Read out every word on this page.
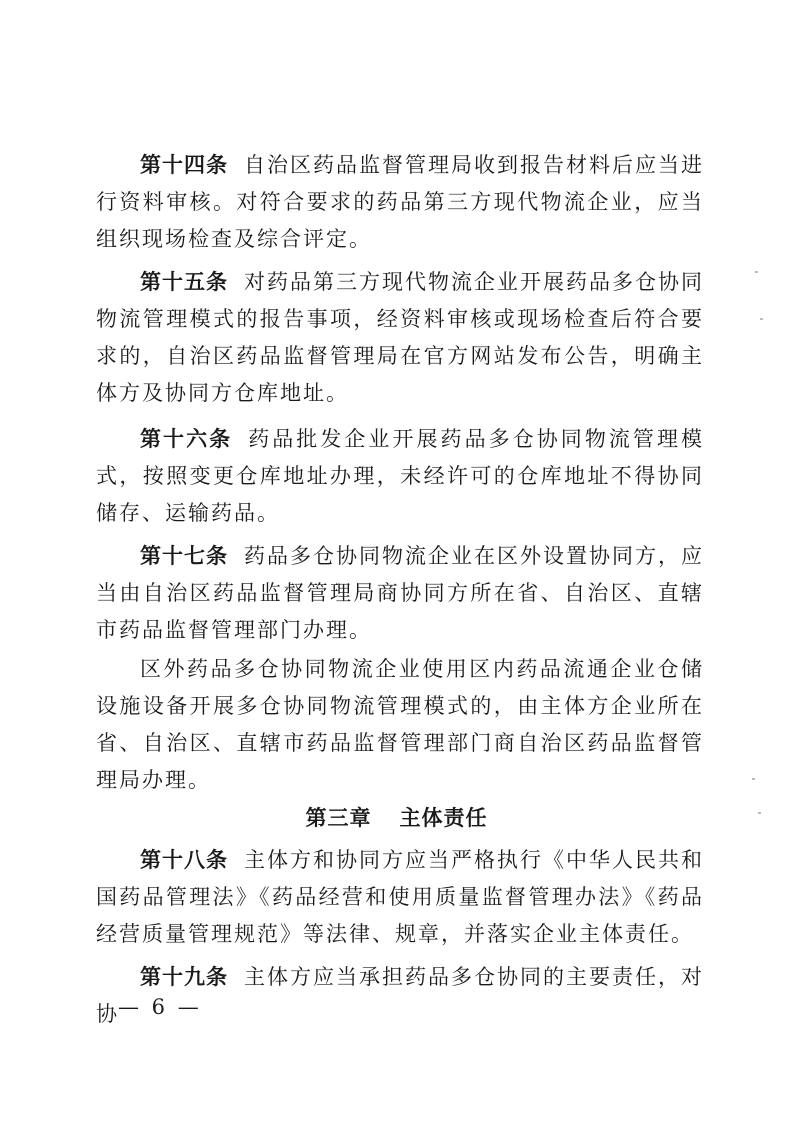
第十四条 自治区药品监督管理局收到报告材料后应当进行资料审核。对符合要求的药品第三方现代物流企业，应当组织现场检查及综合评定。

第十五条 对药品第三方现代物流企业开展药品多仓协同物流管理模式的报告事项，经资料审核或现场检查后符合要求的，自治区药品监督管理局在官方网站发布公告，明确主体方及协同方仓库地址。

第十六条 药品批发企业开展药品多仓协同物流管理模式，按照变更仓库地址办理，未经许可的仓库地址不得协同储存、运输药品。

第十七条 药品多仓协同物流企业在区外设置协同方，应当由自治区药品监督管理局商协同方所在省、自治区、直辖市药品监督管理部门办理。

区外药品多仓协同物流企业使用区内药品流通企业仓储设施设备开展多仓协同物流管理模式的，由主体方企业所在省、自治区、直辖市药品监督管理部门商自治区药品监督管理局办理。

第三章 主体责任

第十八条 主体方和协同方应当严格执行《中华人民共和国药品管理法》《药品经营和使用质量监督管理办法》《药品经营质量管理规范》等法律、规章，并落实企业主体责任。

第十九条 主体方应当承担药品多仓协同的主要责任，对协 — 6 —
